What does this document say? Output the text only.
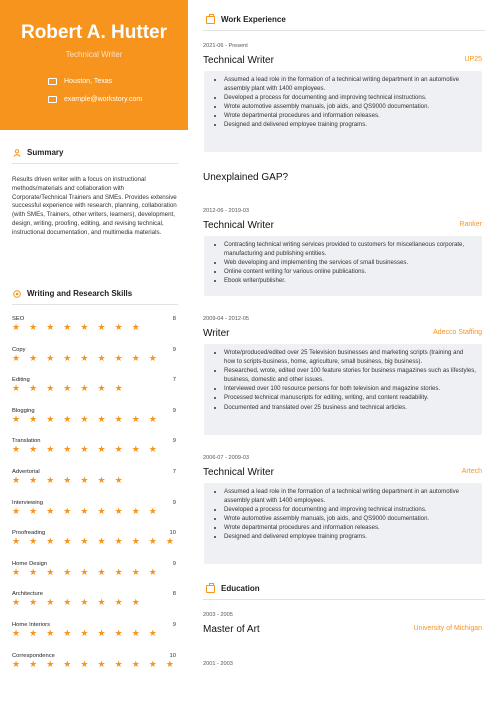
Robert A. Hutter
Technical Writer
Houston, Texas
example@workstory.com
Summary
Results driven writer with a focus on instructional methods/materials and collaboration with Corporate/Technical Trainers and SMEs. Provides extensive successful experience with research, planning, collaboration (with SMEs, Trainers, other writers, learners), development, design, writing, proofing, editing, and revising technical, instructional documentation, and multimedia materials.
Writing and Research Skills
SEO	8
★ ★ ★ ★ ★ ★ ★ ★ ★ ★
Copy	9
★ ★ ★ ★ ★ ★ ★ ★ ★ ★
Editing	7
★ ★ ★ ★ ★ ★ ★ ★ ★ ★
Blogging	9
★ ★ ★ ★ ★ ★ ★ ★ ★ ★
Translation	9
★ ★ ★ ★ ★ ★ ★ ★ ★ ★
Advertorial	7
★ ★ ★ ★ ★ ★ ★ ★ ★ ★
Interviewing	9
★ ★ ★ ★ ★ ★ ★ ★ ★ ★
Proofreading	10
★ ★ ★ ★ ★ ★ ★ ★ ★ ★
Home Design	9
★ ★ ★ ★ ★ ★ ★ ★ ★ ★
Architecture	8
★ ★ ★ ★ ★ ★ ★ ★ ★ ★
Home Interiors	9
★ ★ ★ ★ ★ ★ ★ ★ ★ ★
Correspondence	10
★ ★ ★ ★ ★ ★ ★ ★ ★ ★
Work Experience
2021-06 - Present
Technical Writer	UP25
• Assumed a lead role in the formation of a technical writing department in an automotive assembly plant with 1400 employees.
• Developed a process for documenting and improving technical instructions.
• Wrote automotive assembly manuals, job aids, and QS9000 documentation.
• Wrote departmental procedures and information releases.
• Designed and delivered employee training programs.
Unexplained GAP?
2012-06 - 2019-03
Technical Writer	Ranker
• Contracting technical writing services provided to customers for miscellaneous corporate, manufacturing and publishing entities.
• Web developing and implementing the services of small businesses.
• Online content writing for various online publications.
• Ebook writer/publisher.
2009-04 - 2012-05
Writer	Adecco Staffing
• Wrote/produced/edited over 25 Television businesses and marketing scripts (training and how to scripts-business, home, agriculture, small business, big business).
• Researched, wrote, edited over 100 feature stories for business magazines such as lifestyles, business, domestic and other issues.
• Interviewed over 100 resource persons for both television and magazine stories.
• Processed technical manuscripts for editing, writing, and content readability.
• Documented and translated over 25 business and technical articles.
2006-07 - 2009-03
Technical Writer	Artech
• Assumed a lead role in the formation of a technical writing department in an automotive assembly plant with 1400 employees.
• Developed a process for documenting and improving technical instructions.
• Wrote automotive assembly manuals, job aids, and QS9000 documentation.
• Wrote departmental procedures and information releases.
• Designed and delivered employee training programs.
Education
2003 - 2005
Master of Art	University of Michigan
2001 - 2003
